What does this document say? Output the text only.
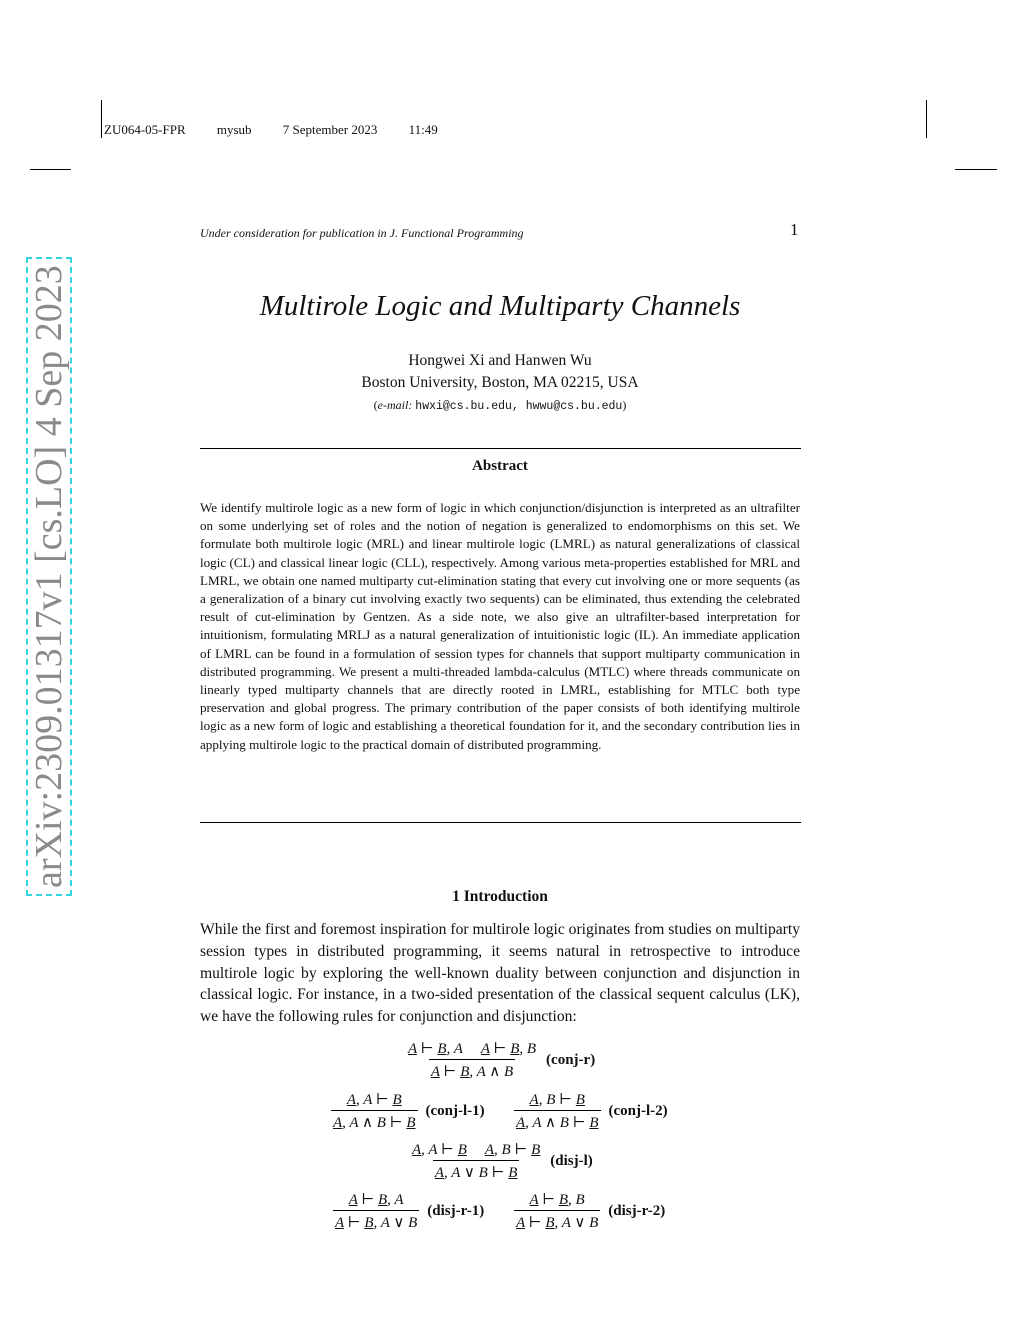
ZU064-05-FPR mysub 7 September 2023 11:49
Under consideration for publication in J. Functional Programming	1
arXiv:2309.01317v1 [cs.LO] 4 Sep 2023	Multirole Logic and Multiparty Channels
Hongwei Xi and Hanwen Wu
Boston University, Boston, MA 02215, USA
(e-mail: hwxi@cs.bu.edu, hwwu@cs.bu.edu)
Abstract
We identify multirole logic as a new form of logic in which conjunction/disjunction is interpreted as an ultrafilter on some underlying set of roles and the notion of negation is generalized to endomorphisms on this set. We formulate both multirole logic (MRL) and linear multirole logic (LMRL) as natural generalizations of classical logic (CL) and classical linear logic (CLL), respectively. Among various meta-properties established for MRL and LMRL, we obtain one named multiparty cut-elimination stating that every cut involving one or more sequents (as a generalization of a binary cut involving exactly two sequents) can be eliminated, thus extending the celebrated result of cut-elimination by Gentzen. As a side note, we also give an ultrafilter-based interpretation for intuitionism, formulating MRLJ as a natural generalization of intuitionistic logic (IL). An immediate application of LMRL can be found in a formulation of session types for channels that support multiparty communication in distributed programming. We present a multi-threaded lambda-calculus (MTLC) where threads communicate on linearly typed multiparty channels that are directly rooted in LMRL, establishing for MTLC both type preservation and global progress. The primary contribution of the paper consists of both identifying multirole logic as a new form of logic and establishing a theoretical foundation for it, and the secondary contribution lies in applying multirole logic to the practical domain of distributed programming.
1 Introduction
While the first and foremost inspiration for multirole logic originates from studies on multiparty session types in distributed programming, it seems natural in retrospective to introduce multirole logic by exploring the well-known duality between conjunction and disjunction in classical logic. For instance, in a two-sided presentation of the classical sequent calculus (LK), we have the following rules for conjunction and disjunction:
$\frac{\text{A ⊢ B, A A ⊢ B, B}}{A ⊢ B, A \wedge B}$ (conj-r)
$\frac{A, A ⊢ B}{A, A \wedge B ⊢ B}$ (conj-l-1) $\frac{A, B ⊢ B}{A, A \wedge B ⊢ B}$ (conj-l-2)
$\frac{\text{A, A ⊢ B A, B ⊢ B}}{A, A \vee B ⊢ B}$ (disj-l)
$\frac{A ⊢ B, A}{A ⊢ B, A \vee B}$ (disj-r-1) $\frac{A ⊢ B, B}{A ⊢ B, A \vee B}$ (disj-r-2)
